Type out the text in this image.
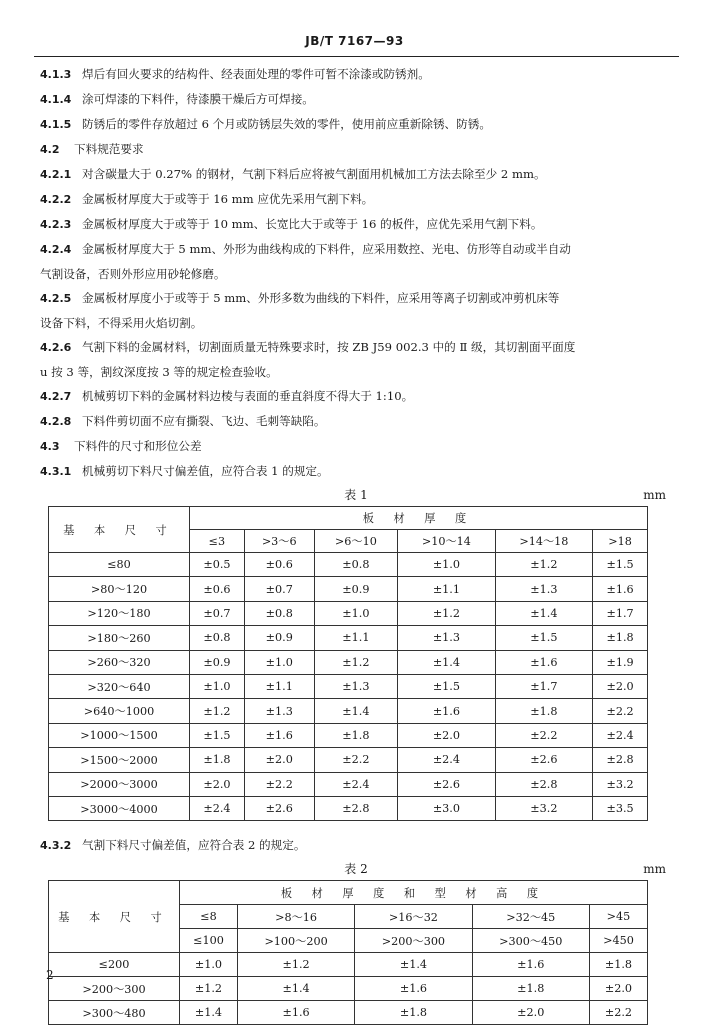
JB/T 7167—93

4.1.3 焊后有回火要求的结构件、经表面处理的零件可暂不涂漆或防锈剂。

4.1.4 涂可焊漆的下料件，待漆膜干燥后方可焊接。

4.1.5 防锈后的零件存放超过 6 个月或防锈层失效的零件，使用前应重新除锈、防锈。

4.2 下料规范要求

4.2.1 对含碳量大于 0.27% 的钢材，气割下料后应将被气割面用机械加工方法去除至少 2 mm。

4.2.2 金属板材厚度大于或等于 16 mm 应优先采用气割下料。

4.2.3 金属板材厚度大于或等于 10 mm、长宽比大于或等于 16 的板件，应优先采用气割下料。

4.2.4 金属板材厚度大于 5 mm、外形为曲线构成的下料件，应采用数控、光电、仿形等自动或半自动
气割设备，否则外形应用砂轮修磨。

4.2.5 金属板材厚度小于或等于 5 mm、外形多数为曲线的下料件，应采用等离子切割或冲剪机床等
设备下料，不得采用火焰切割。

4.2.6 气割下料的金属材料，切割面质量无特殊要求时，按 ZB J59 002.3 中的 Ⅱ 级，其切割面平面度
u 按 3 等，割纹深度按 3 等的规定检查验收。

4.2.7 机械剪切下料的金属材料边棱与表面的垂直斜度不得大于 1:10。

4.2.8 下料件剪切面不应有撕裂、飞边、毛刺等缺陷。

4.3 下料件的尺寸和形位公差

4.3.1 机械剪切下料尺寸偏差值，应符合表 1 的规定。

表 1	mm
基 本 尺 寸	板 材 厚 度					
	≤3	>3～6	>6～10	>10～14	>14～18	>18
≤80	±0.5	±0.6	±0.8	±1.0	±1.2	±1.5
>80～120	±0.6	±0.7	±0.9	±1.1	±1.3	±1.6
>120～180	±0.7	±0.8	±1.0	±1.2	±1.4	±1.7
>180～260	±0.8	±0.9	±1.1	±1.3	±1.5	±1.8
>260～320	±0.9	±1.0	±1.2	±1.4	±1.6	±1.9
>320～640	±1.0	±1.1	±1.3	±1.5	±1.7	±2.0
>640～1000	±1.2	±1.3	±1.4	±1.6	±1.8	±2.2
>1000～1500	±1.5	±1.6	±1.8	±2.0	±2.2	±2.4
>1500～2000	±1.8	±2.0	±2.2	±2.4	±2.6	±2.8
>2000～3000	±2.0	±2.2	±2.4	±2.6	±2.8	±3.2
>3000～4000	±2.4	±2.6	±2.8	±3.0	±3.2	±3.5

4.3.2 气割下料尺寸偏差值，应符合表 2 的规定。

表 2	mm
基 本 尺 寸	板 材 厚 度 和 型 材 高 度				
	≤8	>8～16	>16～32	>32～45	>45
	≤100	>100～200	>200～300	>300～450	>450
≤200	±1.0	±1.2	±1.4	±1.6	±1.8
>200～300	±1.2	±1.4	±1.6	±1.8	±2.0
>300～480	±1.4	±1.6	±1.8	±2.0	±2.2
2
